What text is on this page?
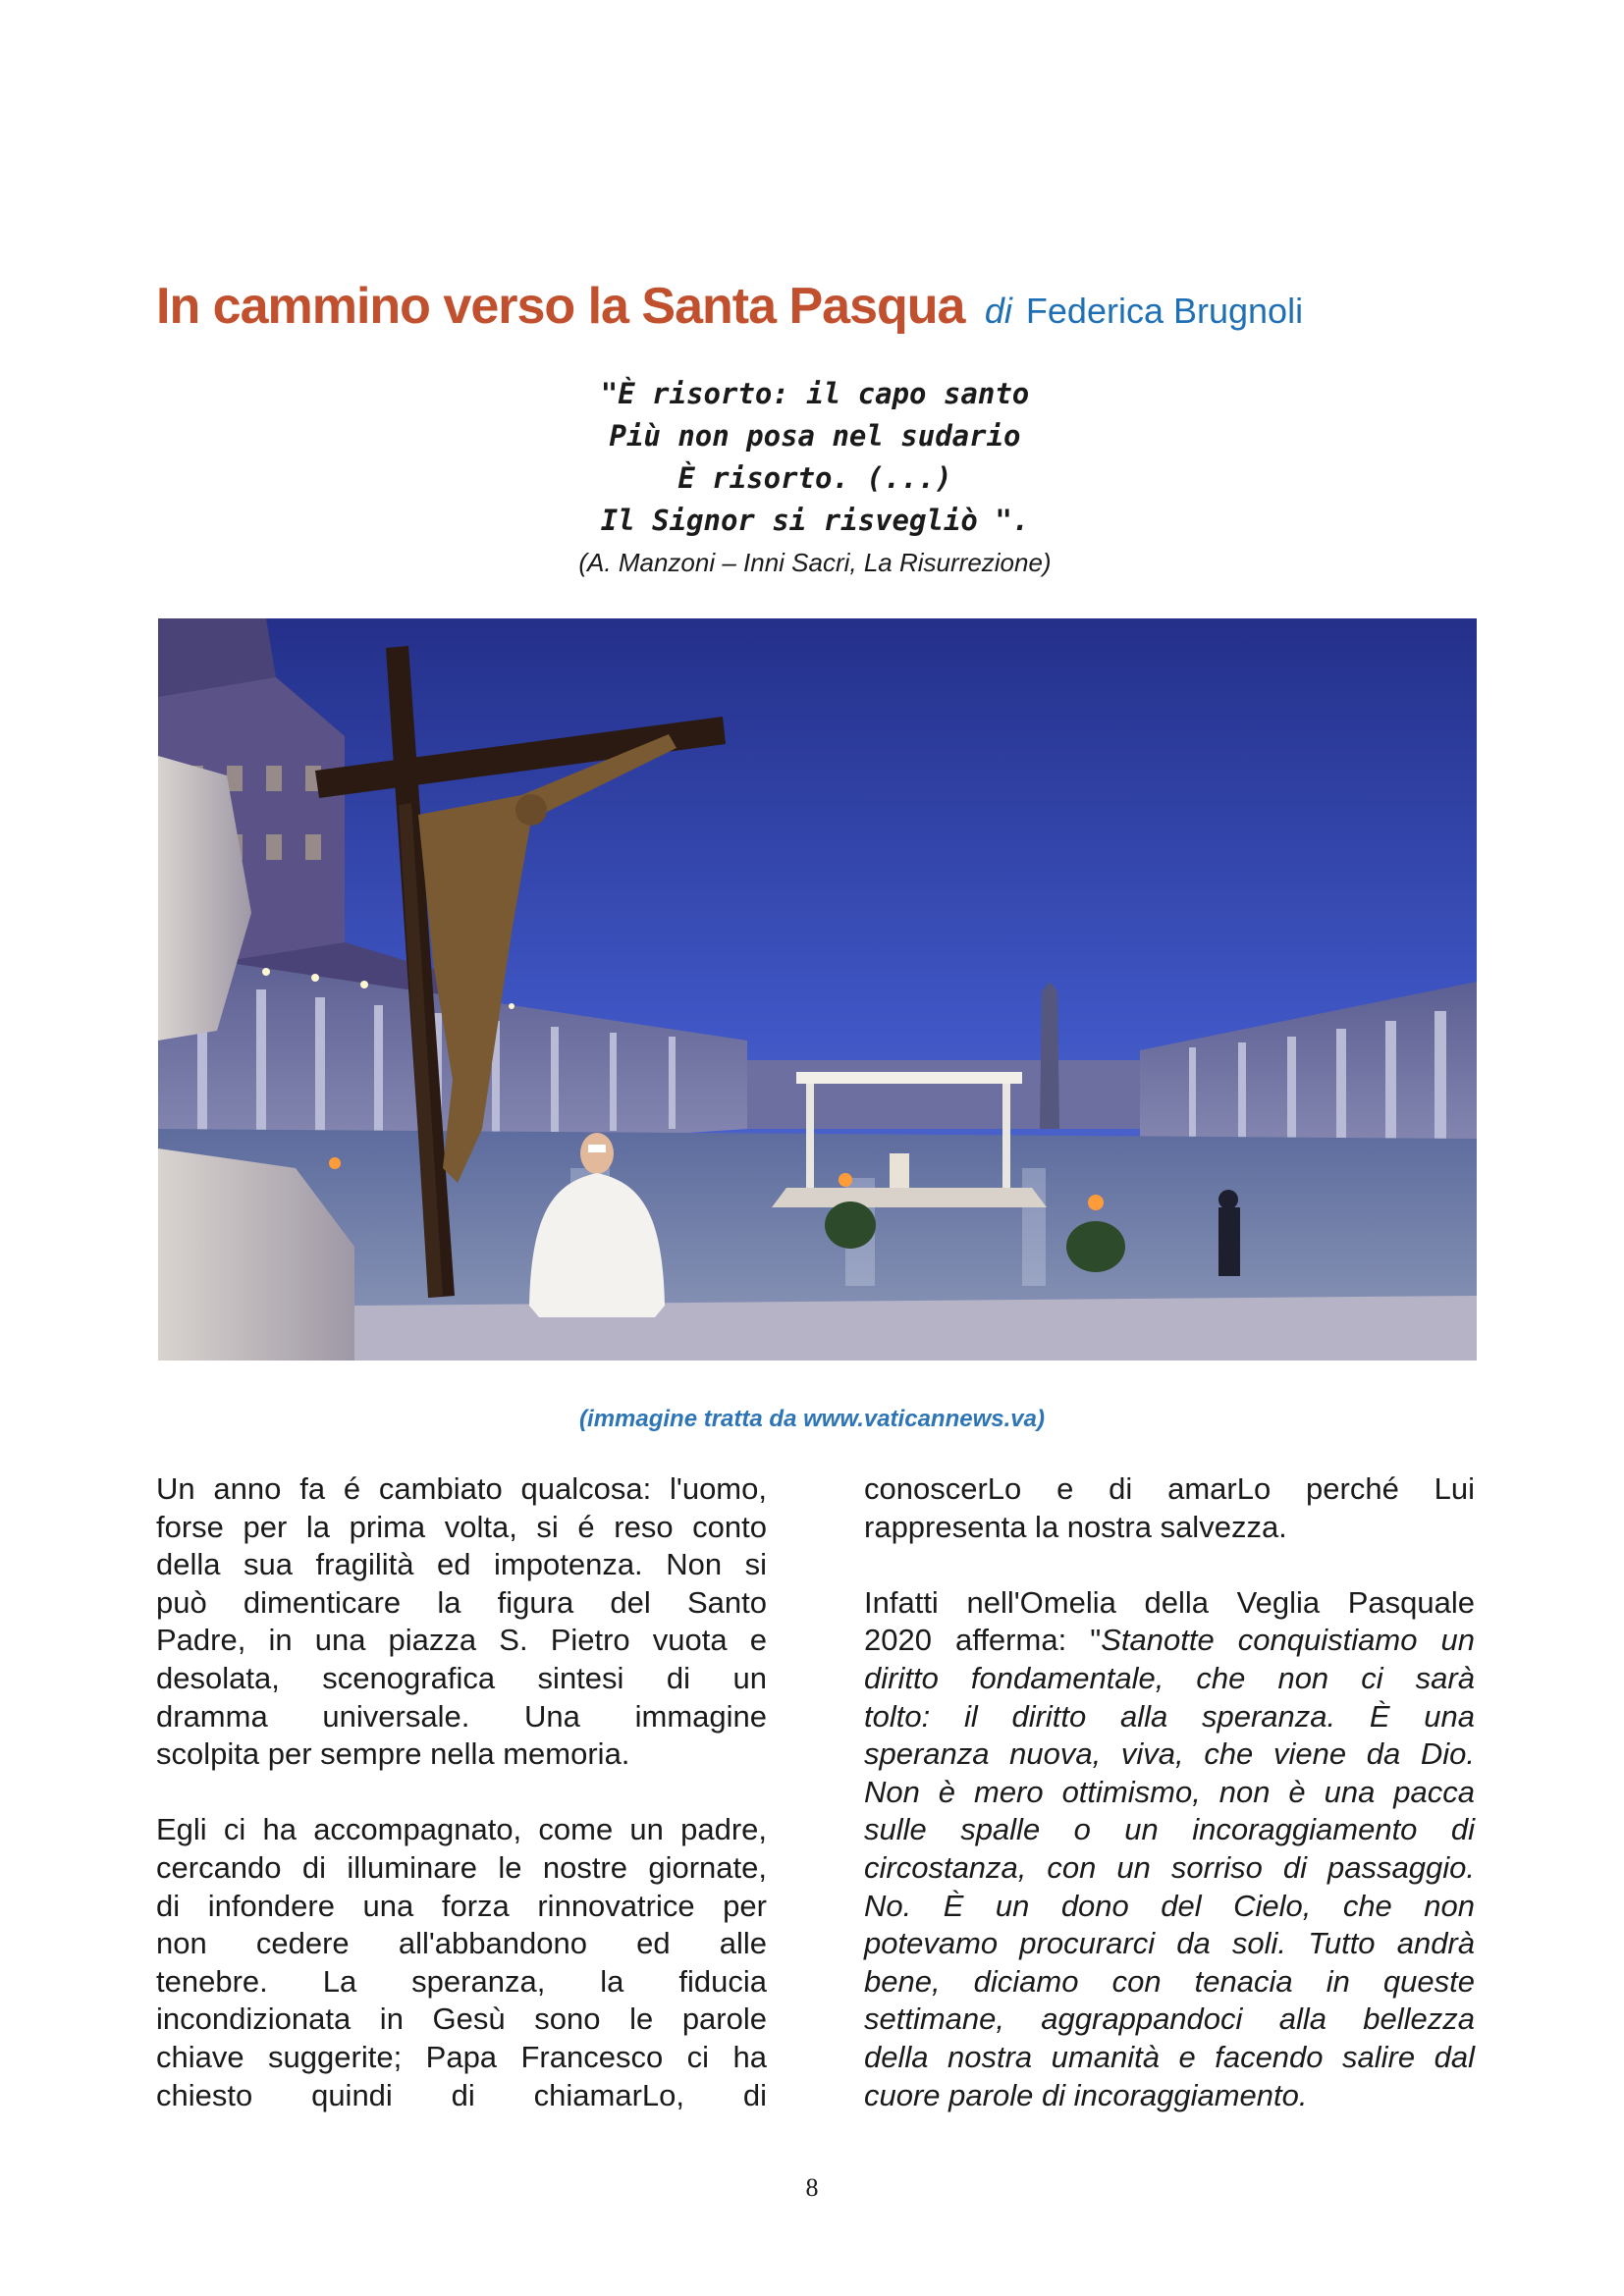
In cammino verso la Santa Pasqua di Federica Brugnoli
"È risorto: il capo santo
Più non posa nel sudario
È risorto. (...)
Il Signor si risvegliò ".
(A. Manzoni – Inni Sacri, La Risurrezione)
(immagine tratta da www.vaticannews.va)

Un anno fa é cambiato qualcosa: l'uomo,

forse per la prima volta, si é reso conto

della sua fragilità ed impotenza. Non si

può dimenticare la figura del Santo

Padre, in una piazza S. Pietro vuota e

desolata, scenografica sintesi di un

dramma universale. Una immagine

scolpita per sempre nella memoria.

Egli ci ha accompagnato, come un padre,

cercando di illuminare le nostre giornate,

di infondere una forza rinnovatrice per

non cedere all'abbandono ed alle

tenebre. La speranza, la fiducia

incondizionata in Gesù sono le parole

chiave suggerite; Papa Francesco ci ha

chiesto quindi di chiamarLo, di

conoscerLo e di amarLo perché Lui

rappresenta la nostra salvezza.

Infatti nell'Omelia della Veglia Pasquale

2020 afferma: "Stanotte conquistiamo un

diritto fondamentale, che non ci sarà

tolto: il diritto alla speranza. È una

speranza nuova, viva, che viene da Dio.

Non è mero ottimismo, non è una pacca

sulle spalle o un incoraggiamento di

circostanza, con un sorriso di passaggio.

No. È un dono del Cielo, che non

potevamo procurarci da soli. Tutto andrà

bene, diciamo con tenacia in queste

settimane, aggrappandoci alla bellezza

della nostra umanità e facendo salire dal

cuore parole di incoraggiamento.

8
